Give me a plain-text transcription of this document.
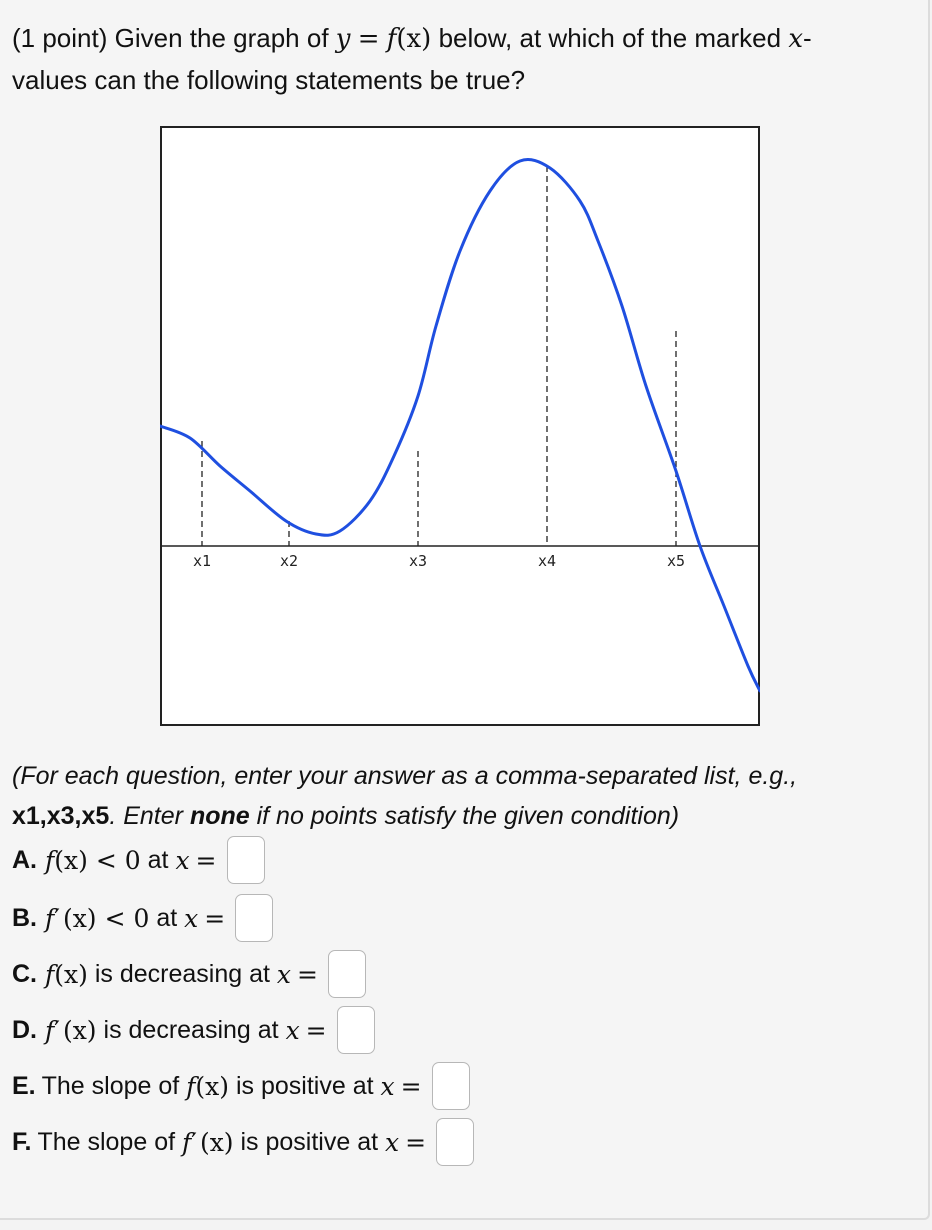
(1 point) Given the graph of y = f(x) below, at which of the marked x-
values can the following statements be true?
x1	x2	x3	x4	x5
(For each question, enter your answer as a comma-separated list, e.g.,
x1,x3,x5. Enter none if no points satisfy the given condition)
A. f (x) < 0 at x =
B. f ′ (x) < 0 at x =
C. f (x) is decreasing at x =
D. f ′ (x) is decreasing at x =
E. The slope of f (x) is positive at x =
F. The slope of f ′ (x) is positive at x =
